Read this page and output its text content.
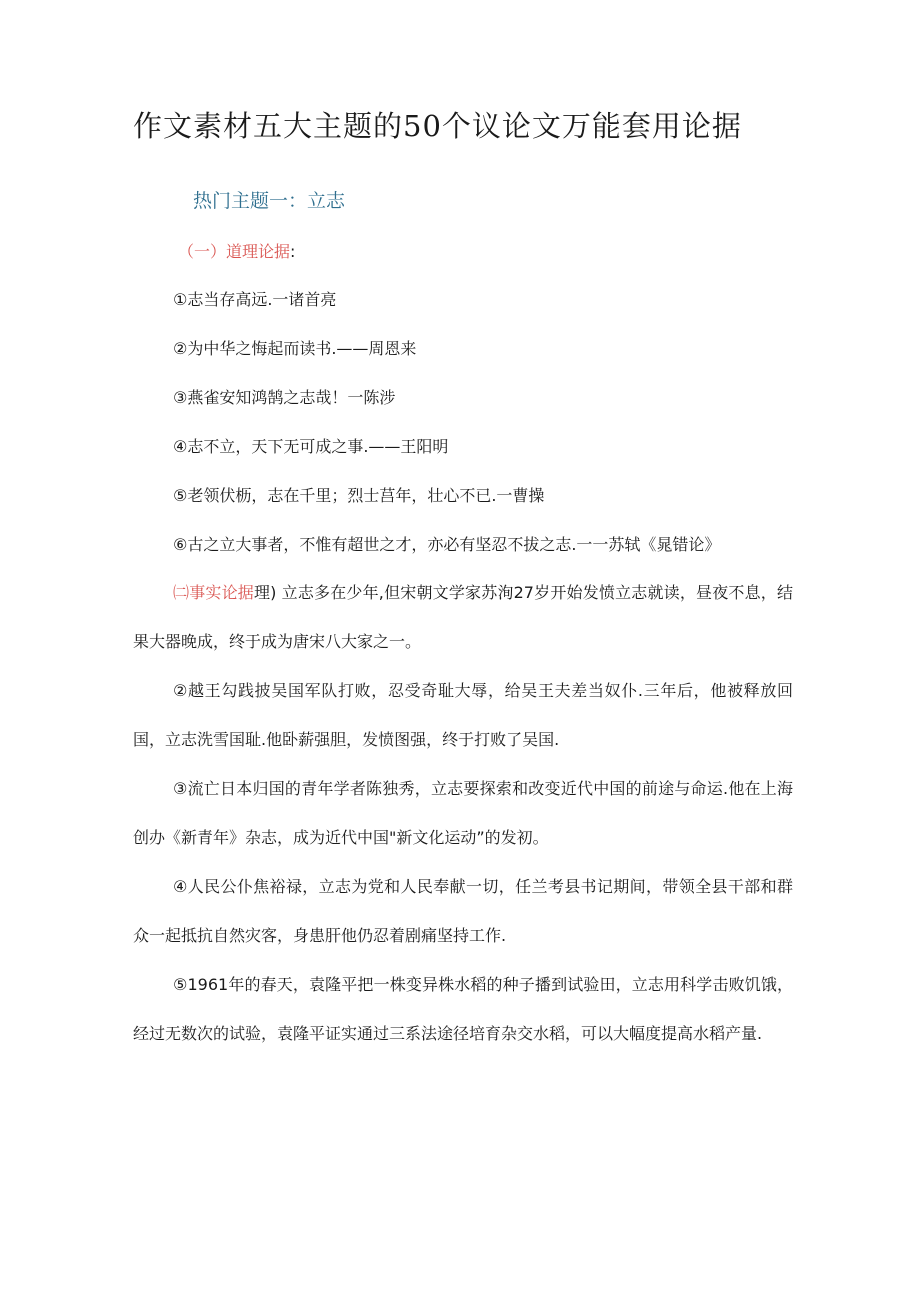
作文素材五大主题的50个议论文万能套用论据
热门主题一：立志

（一）道理论据:

①志当存高远.一诸首亮

②为中华之悔起而读书.——周恩来

③燕雀安知鸿鹄之志哉！一陈涉

④志不立，天下无可成之事.——王阳明

⑤老领伏枥，志在千里；烈士莒年，壮心不已.一曹操

⑥古之立大事者，不惟有超世之才，亦必有坚忍不拔之志.一一苏轼《晁错论》

㈡事实论据理) 立志多在少年,但宋朝文学家苏洵27岁开始发愤立志就读，昼夜不息，结果大器晚成，终于成为唐宋八大家之一。

②越王勾践披吴国军队打败，忍受奇耻大辱，给吴王夫差当奴仆.三年后，他被释放回国，立志洗雪国耻.他卧薪强胆，发愤图强，终于打败了吴国.

③流亡日本归国的青年学者陈独秀，立志要探索和改变近代中国的前途与命运.他在上海创办《新青年》杂志，成为近代中国"新文化运动”的发初。

④人民公仆焦裕禄，立志为党和人民奉献一切，任兰考县书记期间，带领全县干部和群众一起抵抗自然灾客，身患肝他仍忍着剧痛坚持工作.

⑤1961年的春天，袁隆平把一株变异株水稻的种子播到试验田，立志用科学击败饥饿，经过无数次的试验，袁隆平证实通过三系法途径培育杂交水稻，可以大幅度提高水稻产量.
